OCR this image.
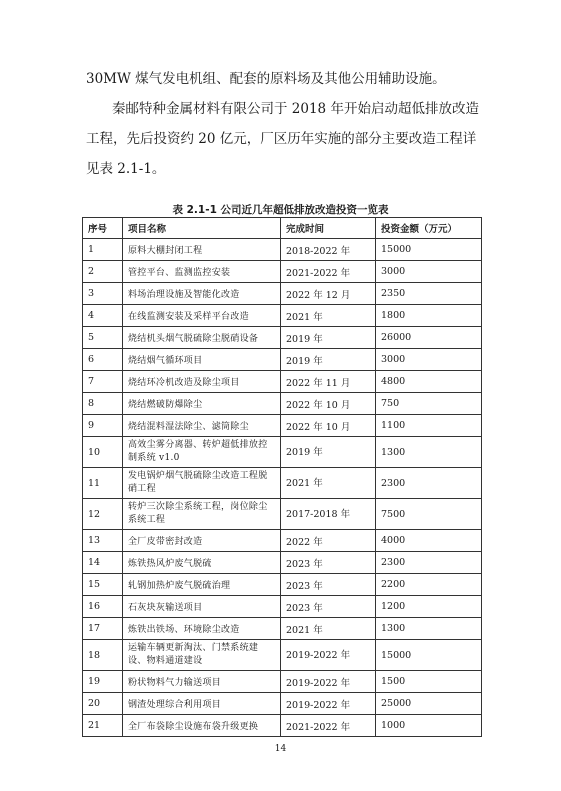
30MW 煤气发电机组、配套的原料场及其他公用辅助设施。

秦邮特种金属材料有限公司于 2018 年开始启动超低排放改造工程，先后投资约 20 亿元，厂区历年实施的部分主要改造工程详见表 2.1-1。

表 2.1-1 公司近几年超低排放改造投资一览表
序号	项目名称	完成时间	投资金额（万元）
1	原料大棚封闭工程	2018-2022 年	15000
2	管控平台、监测监控安装	2021-2022 年	3000
3	料场治理设施及智能化改造	2022 年 12 月	2350
4	在线监测安装及采样平台改造	2021 年	1800
5	烧结机头烟气脱硫除尘脱硝设备	2019 年	26000
6	烧结烟气循环项目	2019 年	3000
7	烧结环冷机改造及除尘项目	2022 年 11 月	4800
8	烧结燃破防爆除尘	2022 年 10 月	750
9	烧结混料湿法除尘、滤筒除尘	2022 年 10 月	1100
10	高效尘雾分离器、转炉超低排放控制系统 v1.0	2019 年	1300
11	发电锅炉烟气脱硫除尘改造工程脱硝工程	2021 年	2300
12	转炉三次除尘系统工程，岗位除尘系统工程	2017-2018 年	7500
13	全厂皮带密封改造	2022 年	4000
14	炼铁热风炉废气脱硫	2023 年	2300
15	轧钢加热炉废气脱硫治理	2023 年	2200
16	石灰块灰输送项目	2023 年	1200
17	炼铁出铁场、环境除尘改造	2021 年	1300
18	运输车辆更新淘汰、门禁系统建设、物料通道建设	2019-2022 年	15000
19	粉状物料气力输送项目	2019-2022 年	1500
20	钢渣处理综合利用项目	2019-2022 年	25000
21	全厂布袋除尘设施布袋升级更换	2021-2022 年	1000
14
